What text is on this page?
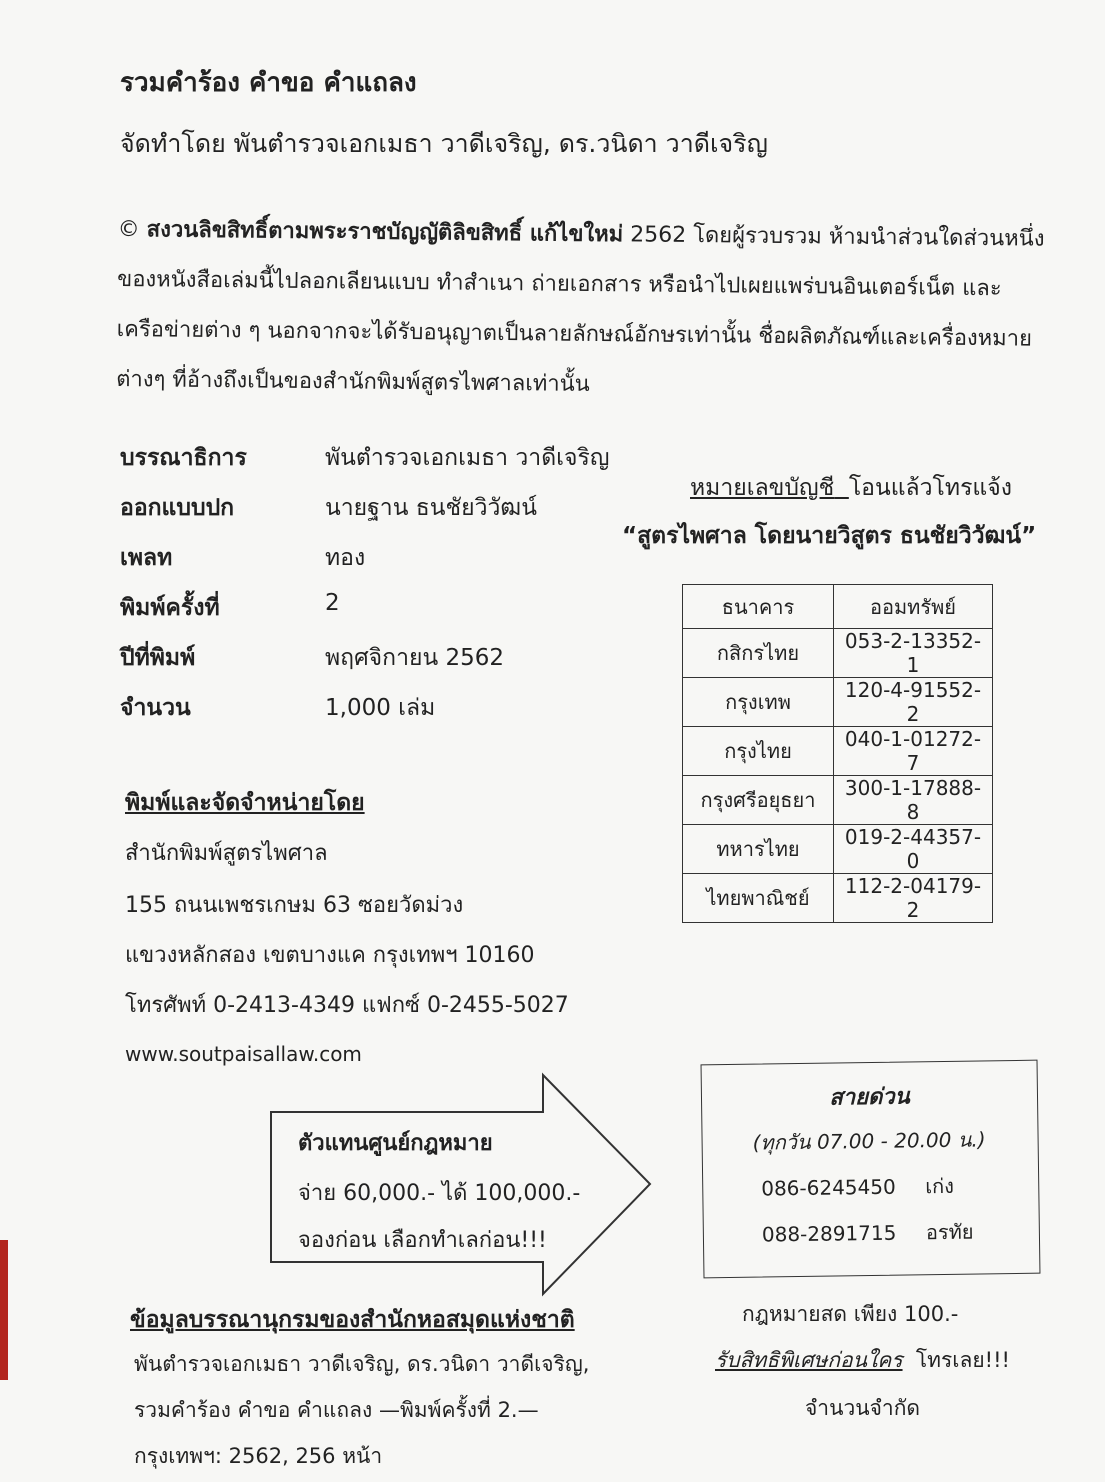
รวมคำร้อง คำขอ คำแถลง
จัดทำโดย พันตำรวจเอกเมธา วาดีเจริญ, ดร.วนิดา วาดีเจริญ
© สงวนลิขสิทธิ์ตามพระราชบัญญัติลิขสิทธิ์ แก้ไขใหม่ 2562 โดยผู้รวบรวม ห้ามนำส่วนใดส่วนหนึ่งของหนังสือเล่มนี้ไปลอกเลียนแบบ ทำสำเนา ถ่ายเอกสาร หรือนำไปเผยแพร่บนอินเตอร์เน็ต และเครือข่ายต่าง ๆ นอกจากจะได้รับอนุญาตเป็นลายลักษณ์อักษรเท่านั้น ชื่อผลิตภัณฑ์และเครื่องหมายต่างๆ ที่อ้างถึงเป็นของสำนักพิมพ์สูตรไพศาลเท่านั้น
บรรณาธิการ	พันตำรวจเอกเมธา วาดีเจริญ
ออกแบบปก	นายฐาน ธนชัยวิวัฒน์
เพลท	ทอง
พิมพ์ครั้งที่	2
ปีที่พิมพ์	พฤศจิกายน 2562
จำนวน	1,000 เล่ม
หมายเลขบัญชี โอนแล้วโทรแจ้ง
“สูตรไพศาล โดยนายวิสูตร ธนชัยวิวัฒน์”
ธนาคาร	ออมทรัพย์
กสิกรไทย	053-2-13352-1
กรุงเทพ	120-4-91552-2
กรุงไทย	040-1-01272-7
กรุงศรีอยุธยา	300-1-17888-8
ทหารไทย	019-2-44357-0
ไทยพาณิชย์	112-2-04179-2
พิมพ์และจัดจำหน่ายโดย
สำนักพิมพ์สูตรไพศาล
155 ถนนเพชรเกษม 63 ซอยวัดม่วง
แขวงหลักสอง เขตบางแค กรุงเทพฯ 10160
โทรศัพท์ 0-2413-4349 แฟกซ์ 0-2455-5027
www.soutpaisallaw.com
ตัวแทนศูนย์กฎหมาย
จ่าย 60,000.- ได้ 100,000.-
จองก่อน เลือกทำเลก่อน!!!
สายด่วน
(ทุกวัน 07.00 - 20.00 น.)
086-6245450 เก่ง
088-2891715 อรทัย
ข้อมูลบรรณานุกรมของสำนักหอสมุดแห่งชาติ
พันตำรวจเอกเมธา วาดีเจริญ, ดร.วนิดา วาดีเจริญ,
รวมคำร้อง คำขอ คำแถลง —พิมพ์ครั้งที่ 2.—
กรุงเทพฯ: 2562, 256 หน้า
กฎหมายสด เพียง 100.-
รับสิทธิพิเศษก่อนใคร โทรเลย!!!
จำนวนจำกัด
